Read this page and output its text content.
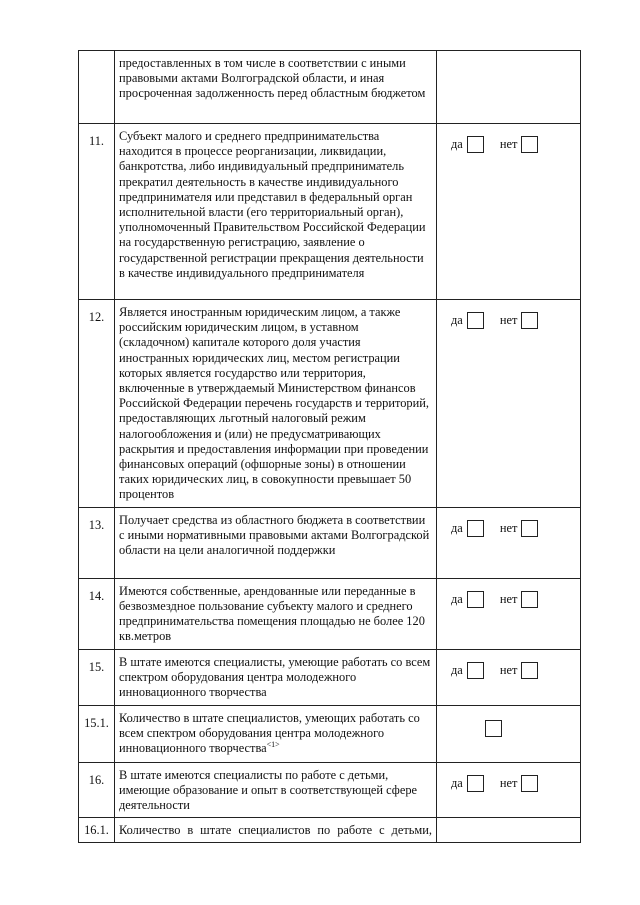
	предоставленных в том числе в соответствии с иными правовыми актами Волгоградской области, и иная просроченная задолженность перед областным бюджетом	
11.	Субъект малого и среднего предпринимательства находится в процессе реорганизации, ликвидации, банкротства, либо индивидуальный предприниматель прекратил деятельность в качестве индивидуального предпринимателя или представил в федеральный орган исполнительной власти (его территориальный орган), уполномоченный Правительством Российской Федерации на государственную регистрацию, заявление о государственной регистрации прекращения деятельности в качестве индивидуального предпринимателя	да нет

12.	Является иностранным юридическим лицом, а также российским юридическим лицом, в уставном (складочном) капитале которого доля участия иностранных юридических лиц, местом регистрации которых является государство или территория, включенные в утверждаемый Министерством финансов Российской Федерации перечень государств и территорий, предоставляющих льготный налоговый режим налогообложения и (или) не предусматривающих раскрытия и предоставления информации при проведении финансовых операций (офшорные зоны) в отношении таких юридических лиц, в совокупности превышает 50 процентов	да нет

13.	Получает средства из областного бюджета в соответствии с иными нормативными правовыми актами Волгоградской области на цели аналогичной поддержки	да нет

14.	Имеются собственные, арендованные или переданные в безвозмездное пользование субъекту малого и среднего предпринимательства помещения площадью не более 120 кв.метров	да нет

15.	В штате имеются специалисты, умеющие работать со всем спектром оборудования центра молодежного инновационного творчества	да нет

15.1.	Количество в штате специалистов, умеющих работать со всем спектром оборудования центра молодежного инновационного творчества$^{<1>}$	

16.	В штате имеются специалисты по работе с детьми, имеющие образование и опыт в соответствующей сфере деятельности	да нет

16.1.	Количество в штате специалистов по работе с детьми,	
